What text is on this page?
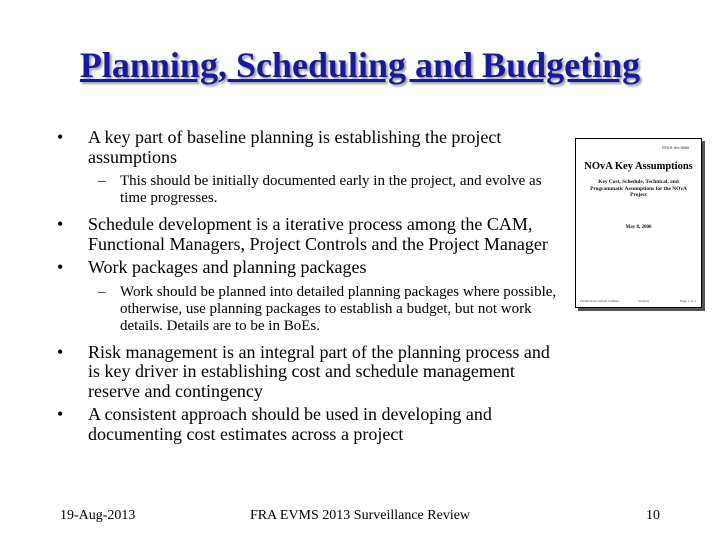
Planning, Scheduling and Budgeting
• A key part of baseline planning is establishing the project assumptions
– This should be initially documented early in the project, and evolve as time progresses.
• Schedule development is a iterative process among the CAM, Functional Managers, Project Controls and the Project Manager
• Work packages and planning packages
– Work should be planned into detailed planning packages where possible, otherwise, use planning packages to establish a budget, but not work details. Details are to be in BoEs.
• Risk management is an integral part of the planning process and is key driver in establishing cost and schedule management reserve and contingency
• A consistent approach should be used in developing and documenting cost estimates across a project
NOvA-doc-####
NOvA Key Assumptions
Key Cost, Schedule, Technical, and Programmatic Assumptions for the NOvA Project
May 8, 2006
Fermilab document number	Version	Page 1 of 1
19-Aug-2013	FRA EVMS 2013 Surveillance Review	10
